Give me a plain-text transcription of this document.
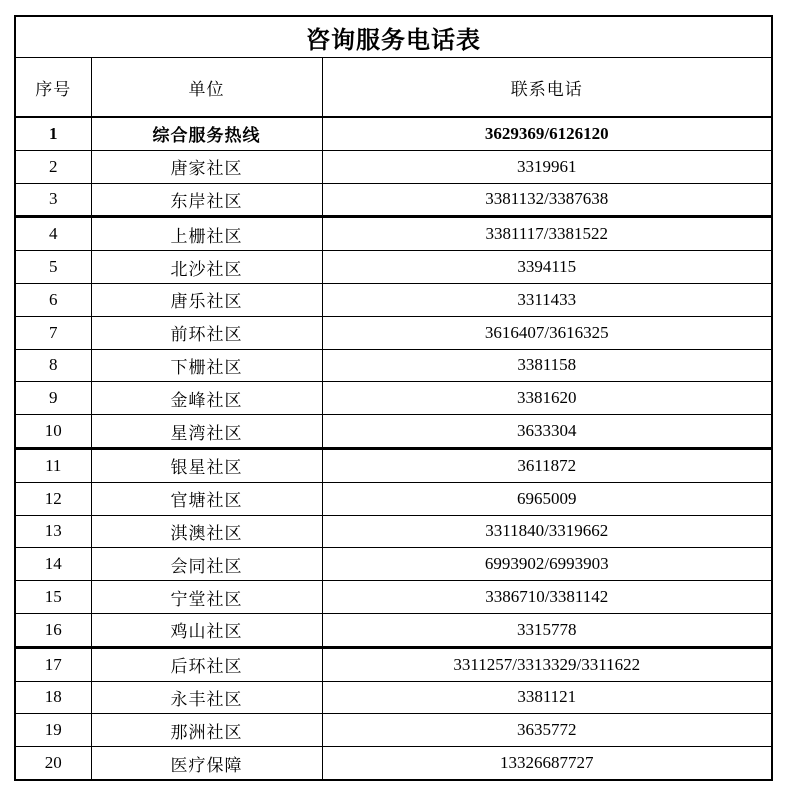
咨询服务电话表		
序号	单位	联系电话
1	综合服务热线	3629369/6126120
2	唐家社区	3319961
3	东岸社区	3381132/3387638
4	上栅社区	3381117/3381522
5	北沙社区	3394115
6	唐乐社区	3311433
7	前环社区	3616407/3616325
8	下栅社区	3381158
9	金峰社区	3381620
10	星湾社区	3633304
11	银星社区	3611872
12	官塘社区	6965009
13	淇澳社区	3311840/3319662
14	会同社区	6993902/6993903
15	宁堂社区	3386710/3381142
16	鸡山社区	3315778
17	后环社区	3311257/3313329/3311622
18	永丰社区	3381121
19	那洲社区	3635772
20	医疗保障	13326687727
